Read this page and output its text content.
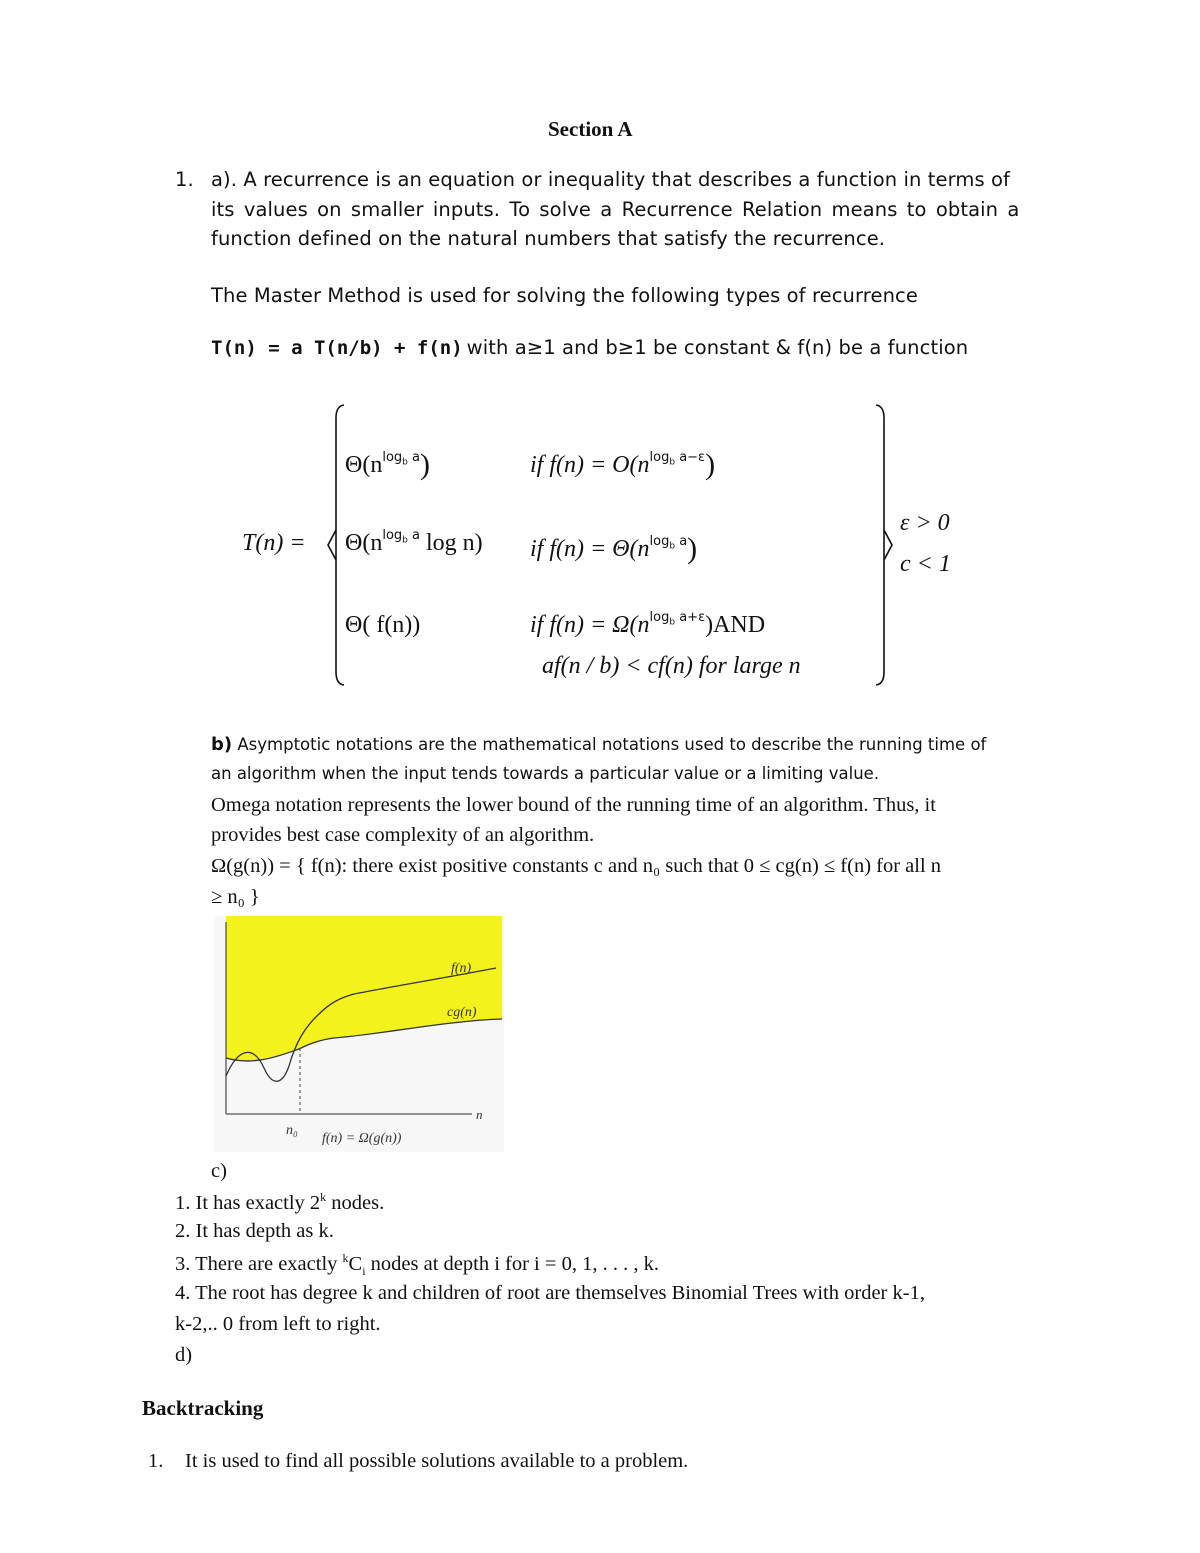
Section A
1. a). A recurrence is an equation or inequality that describes a function in terms of
its values on smaller inputs. To solve a Recurrence Relation means to obtain a
function defined on the natural numbers that satisfy the recurrence.
The Master Method is used for solving the following types of recurrence
T(n) = a T(n/b) + f(n) with a≥1 and b≥1 be constant & f(n) be a function
T(n) =
$\Theta(n^{log_b a})$	if $f(n) = O(n^{log_b a-\varepsilon})$
$\Theta(n^{log_b a}$ log n) if $f(n) = \Theta(n^{log_b a})$
Θ( f(n))	if $f(n) = \Omega(n^{log_b a+\varepsilon})AND$
af(n / b) < cf(n) for large n
ε > 0
c < 1
b) Asymptotic notations are the mathematical notations used to describe the running time of
an algorithm when the input tends towards a particular value or a limiting value.
Omega notation represents the lower bound of the running time of an algorithm. Thus, it
provides best case complexity of an algorithm.
Ω(g(n)) = { f(n): there exist positive constants c and n₀ such that 0 ≤ cg(n) ≤ f(n) for all n
≥ n₀ }
f(n)
cg(n)
n
n₀
f(n) = Ω(g(n))
c)
1. It has exactly 2$^k$ nodes.
2. It has depth as k.
3. There are exactly $^kC_i$ nodes at depth i for i = 0, 1, . . . , k.
4. The root has degree k and children of root are themselves Binomial Trees with order k-1,
k-2,.. 0 from left to right.
d)
Backtracking
1. It is used to find all possible solutions available to a problem.
